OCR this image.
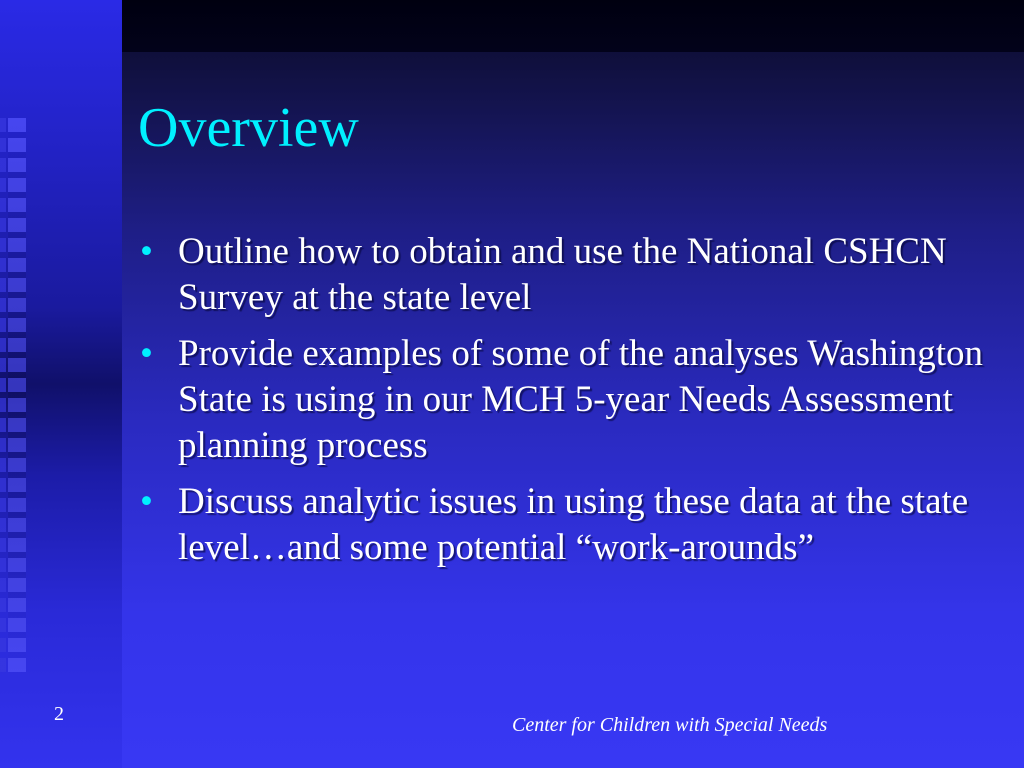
Overview
• Outline how to obtain and use the National CSHCN Survey at the state level
• Provide examples of some of the analyses Washington State is using in our MCH 5-year Needs Assessment planning process
• Discuss analytic issues in using these data at the state level…and some potential “work-arounds”
2	Center for Children with Special Needs
